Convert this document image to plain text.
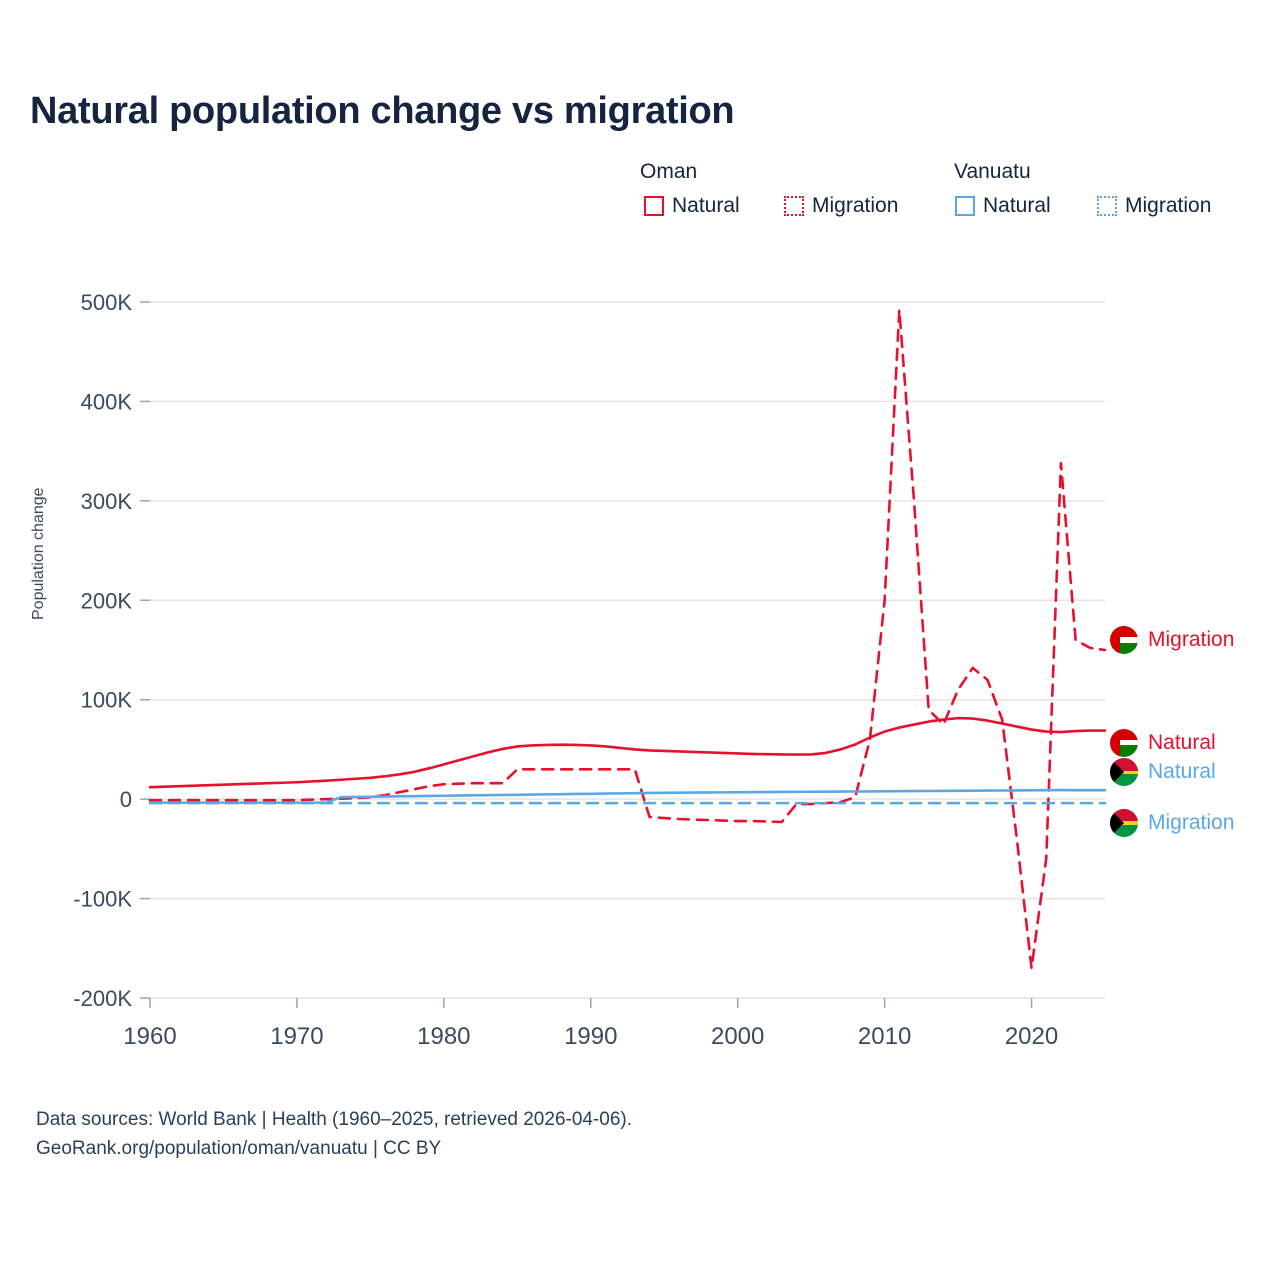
Natural population change vs migration
Oman	Vanuatu
Natural	Migration	Natural	Migration
Population change
-200K
-100K
0
100K
200K
300K
400K
500K
1960	1970	1980	1990	2000	2010	2020
Migration
Natural
Natural
Migration
Data sources: World Bank | Health (1960–2025, retrieved 2026-04-06).
GeoRank.org/population/oman/vanuatu | CC BY
